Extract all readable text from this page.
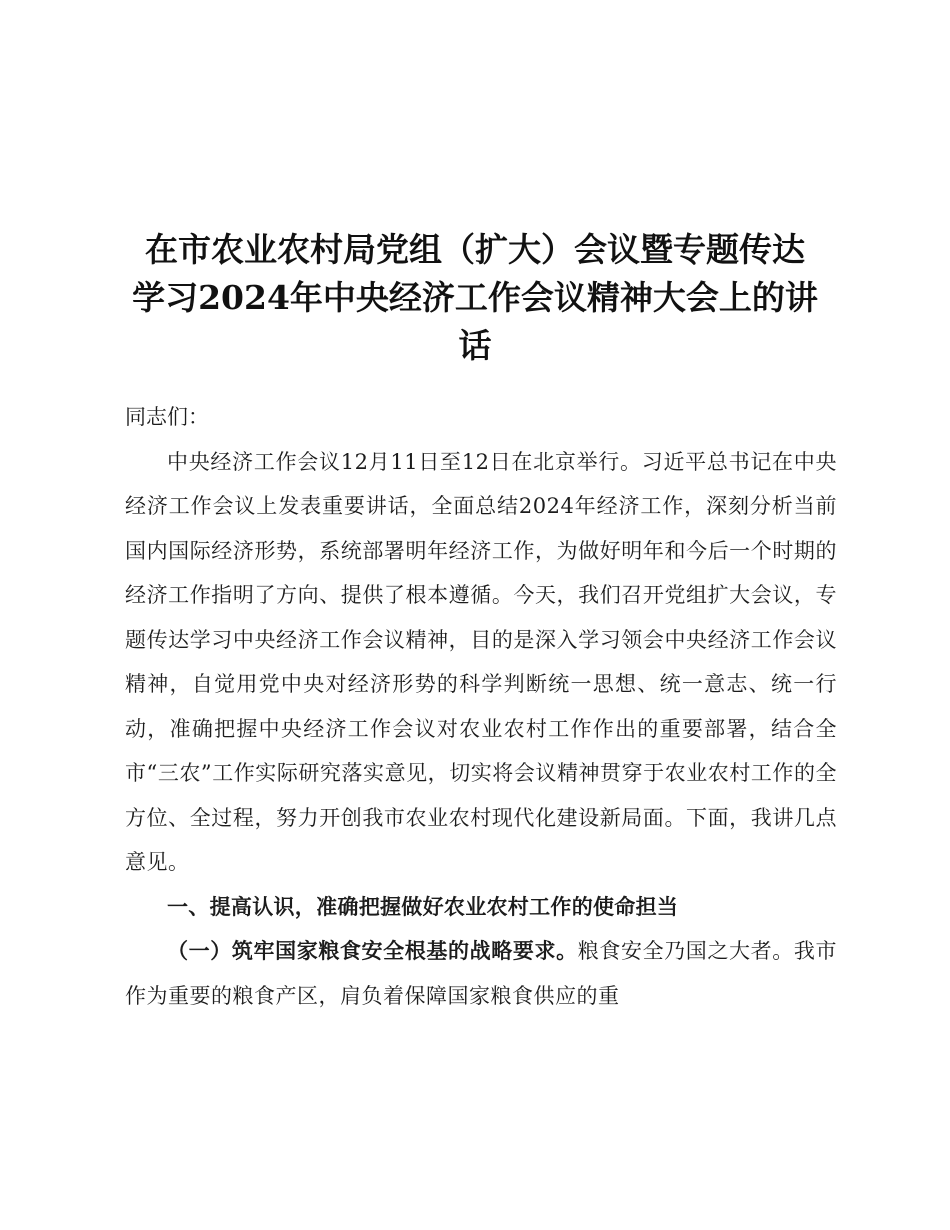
在市农业农村局党组（扩大）会议暨专题传达
学习2024年中央经济工作会议精神大会上的讲
话

同志们：

中央经济工作会议12月11日至12日在北京举行。习近平总书记在中央经济工作会议上发表重要讲话，全面总结2024年经济工作，深刻分析当前国内国际经济形势，系统部署明年经济工作，为做好明年和今后一个时期的经济工作指明了方向、提供了根本遵循。今天，我们召开党组扩大会议，专题传达学习中央经济工作会议精神，目的是深入学习领会中央经济工作会议精神，自觉用党中央对经济形势的科学判断统一思想、统一意志、统一行动，准确把握中央经济工作会议对农业农村工作作出的重要部署，结合全市“三农”工作实际研究落实意见，切实将会议精神贯穿于农业农村工作的全方位、全过程，努力开创我市农业农村现代化建设新局面。下面，我讲几点意见。

一、提高认识，准确把握做好农业农村工作的使命担当

（一）筑牢国家粮食安全根基的战略要求。粮食安全乃国之大者。我市作为重要的粮食产区，肩负着保障国家粮食供应的重
